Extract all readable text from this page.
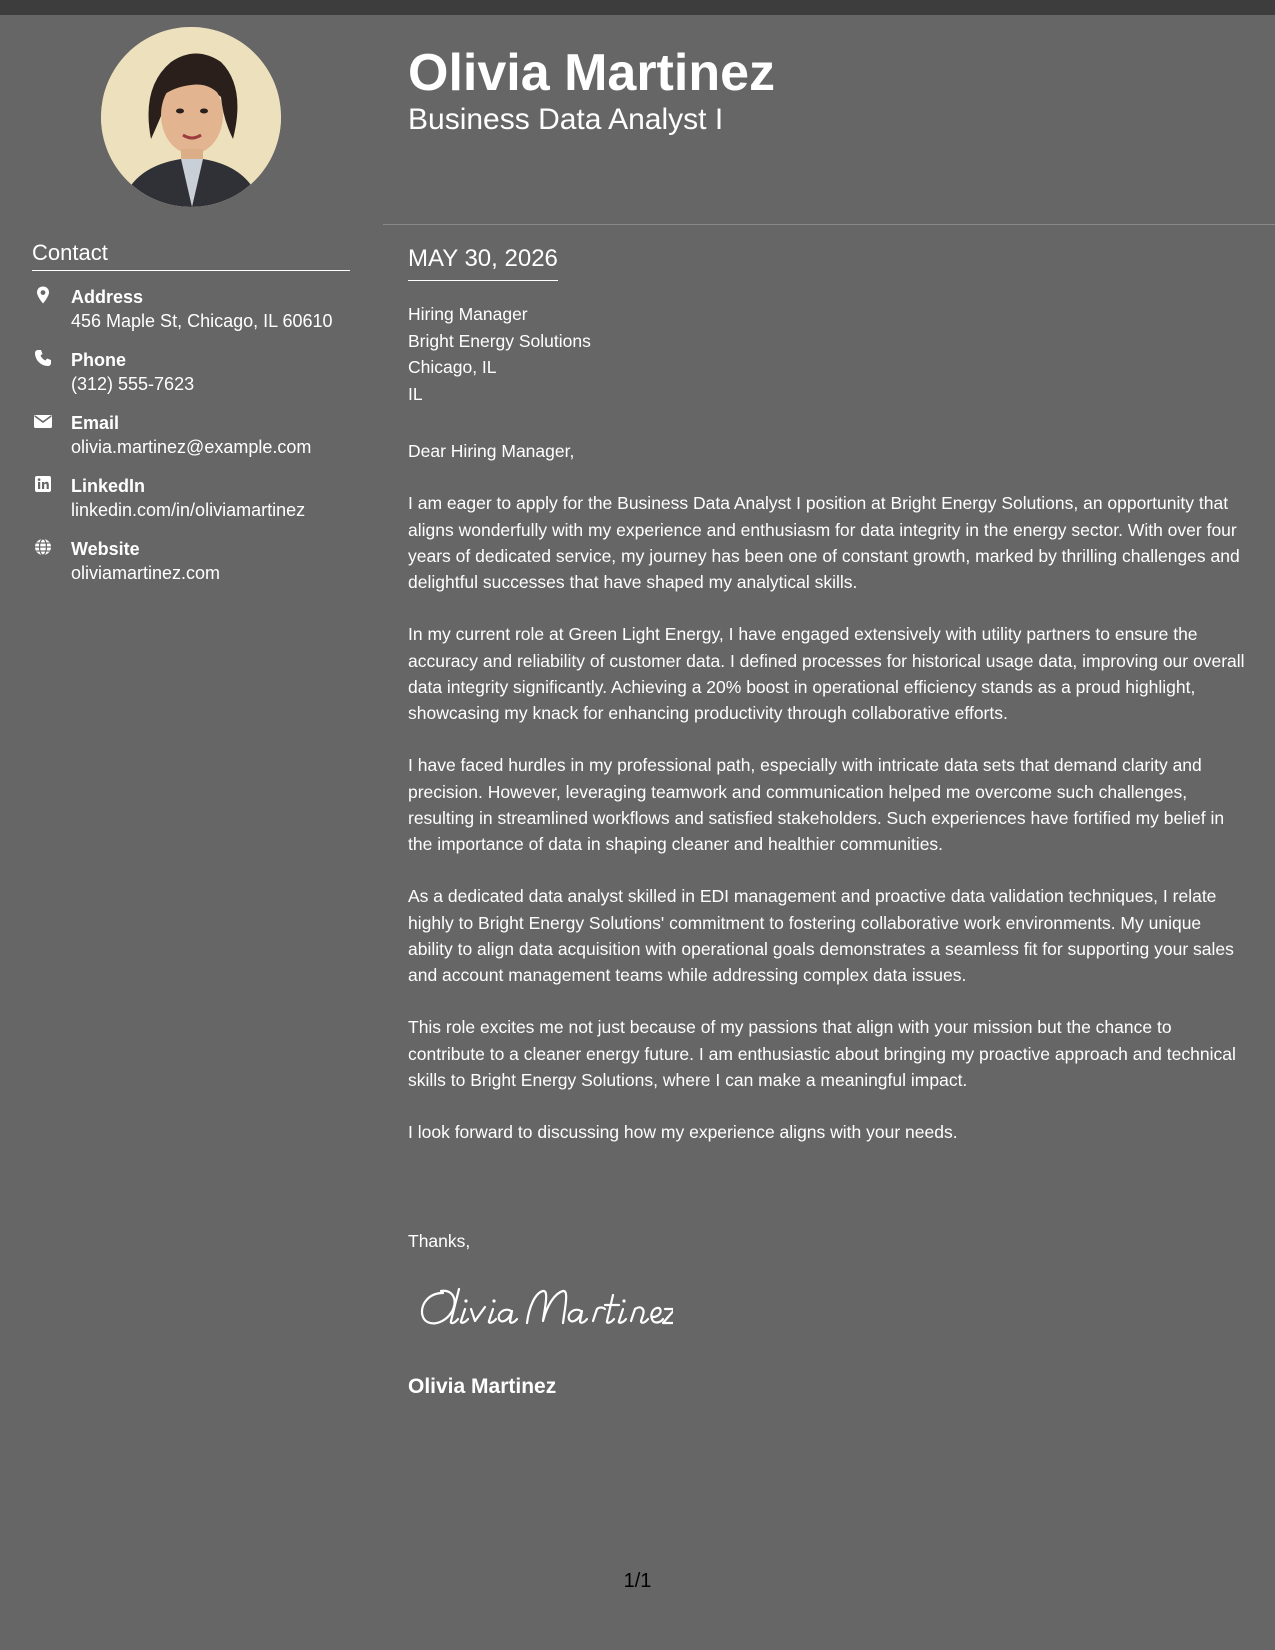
Contact
Address
456 Maple St, Chicago, IL 60610
Phone
(312) 555-7623
Email
olivia.martinez@example.com
LinkedIn
linkedin.com/in/oliviamartinez
Website
oliviamartinez.com
Olivia Martinez
Business Data Analyst I
MAY 30, 2026
Hiring Manager
Bright Energy Solutions
Chicago, IL
IL

Dear Hiring Manager,

I am eager to apply for the Business Data Analyst I position at Bright Energy Solutions, an opportunity that aligns wonderfully with my experience and enthusiasm for data integrity in the energy sector. With over four years of dedicated service, my journey has been one of constant growth, marked by thrilling challenges and delightful successes that have shaped my analytical skills.

In my current role at Green Light Energy, I have engaged extensively with utility partners to ensure the accuracy and reliability of customer data. I defined processes for historical usage data, improving our overall data integrity significantly. Achieving a 20% boost in operational efficiency stands as a proud highlight, showcasing my knack for enhancing productivity through collaborative efforts.

I have faced hurdles in my professional path, especially with intricate data sets that demand clarity and precision. However, leveraging teamwork and communication helped me overcome such challenges, resulting in streamlined workflows and satisfied stakeholders. Such experiences have fortified my belief in the importance of data in shaping cleaner and healthier communities.

As a dedicated data analyst skilled in EDI management and proactive data validation techniques, I relate highly to Bright Energy Solutions' commitment to fostering collaborative work environments. My unique ability to align data acquisition with operational goals demonstrates a seamless fit for supporting your sales and account management teams while addressing complex data issues.

This role excites me not just because of my passions that align with your mission but the chance to contribute to a cleaner energy future. I am enthusiastic about bringing my proactive approach and technical skills to Bright Energy Solutions, where I can make a meaningful impact.

I look forward to discussing how my experience aligns with your needs.

Thanks,
Olivia Martinez
1/1
